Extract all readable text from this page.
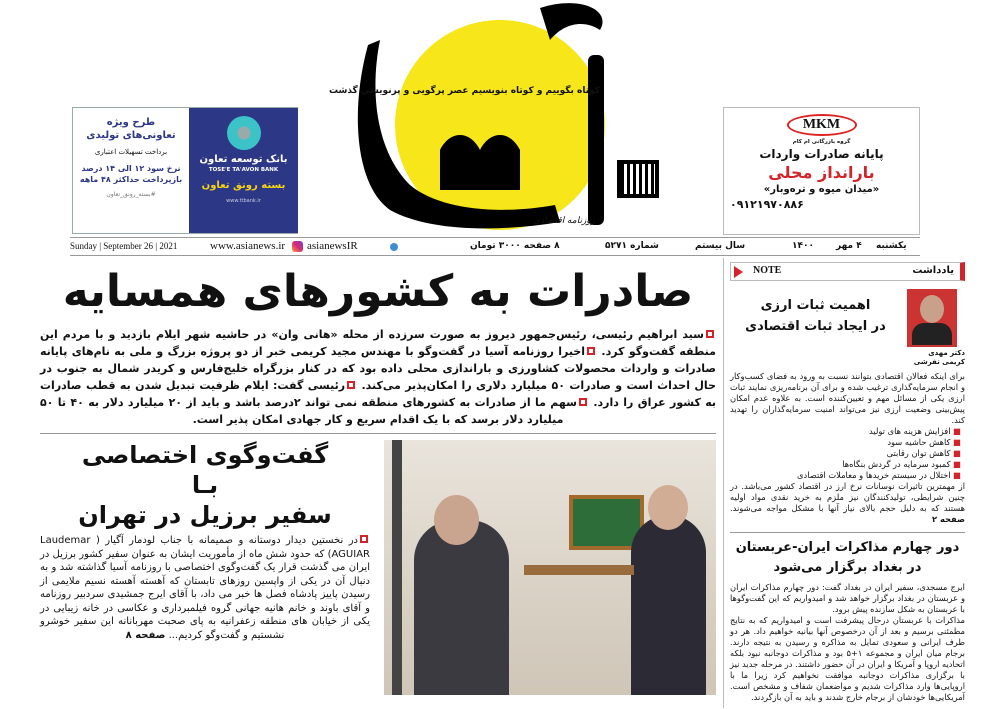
کوتاه بگوییم و کوتاه بنویسیم عصر پرگویی و پرنویسی گذشت
روزنامه اقتصادی
طرح ویژه
تعاونی‌های تولیدی
برداخت تسهیلات اعتباری
نرخ سود ۱۲ الی ۱۴ درصد
بازپرداخت حداکثر ۴۸ ماهه
#بسته_رونق_تعاون
بانک توسعه تعاون
TOSE'E TA'AVON BANK
بسته رونق تعاون
www.ttbank.ir
MKM
گروه بازرگانی ام کام
پایانه صادرات واردات
بارانداز محلی
«میدان میوه و تره‌وبار»
۰۹۱۲۱۹۷۰۸۸۶
Sunday | September 26 | 2021	www.asianews.ir asianewsIR	۸ صفحه ۳۰۰۰ تومان	شماره ۵۲۷۱	سال بیستم	۱۴۰۰ ۴ مهر یکشنبه
صادرات به کشورهای همسایه
سید ابراهیم رئیسی، رئیس‌جمهور دیروز به صورت سرزده از محله «هانی وان» در حاشیه شهر ایلام بازدید و با مردم این منطقه گفت‌وگو کرد. اخیرا روزنامه آسیا در گفت‌وگو با مهندس مجید کریمی خبر از دو پروژه بزرگ و ملی به نام‌های پایانه صادرات و واردات محصولات کشاورزی و باراندازی محلی داده بود که در کنار بزرگراه خلیج‌فارس و کریدر شمال به جنوب در حال احداث است و صادرات ۵۰ میلیارد دلاری را امکان‌پذیر می‌کند. رئیسی گفت: ایلام ظرفیت تبدیل شدن به قطب صادرات به کشور عراق را دارد. سهم ما از صادرات به کشورهای منطقه نمی تواند ۲درصد باشد و باید از ۲۰ میلیارد دلار به ۴۰ تا ۵۰ میلیارد دلار برسد که با یک اقدام سریع و کار جهادی امکان پذیر است.
گفت‌وگوی اختصاصی
بـا
سفیر برزیل در تهران
در نخستین دیدار دوستانه و صمیمانه با جناب لودمار آگیار ( Laudemar AGUIAR) که حدود شش ماه از مأموریت ایشان به عنوان سفیر کشور برزیل در ایران می گذشت قرار یک گفت‌وگوی اختصاصی با روزنامه آسیا گذاشته شد و به دنبال آن در یکی از واپسین روزهای تابستان که آهسته آهسته نسیم ملایمی از رسیدن پاییز پادشاه فصل ها خبر می داد، با آقای ایرج جمشیدی سردبیر روزنامه و آقای باوند و خانم هانیه جهانی گروه فیلمبرداری و عکاسی در خانه زیبایی در یکی از خیابان های منطقه زعفرانیه به پای صحبت مهربانانه این سفیر خوشرو نشستیم و گفت‌وگو کردیم... صفحه ۸
NOTE	یادداشت
دکتر مهدی کریمی تفرشی
اهمیت ثبات ارزی
در ایجاد ثبات اقتصادی
برای اینکه فعالان اقتصادی بتوانند نسبت به ورود به فضای کسب‌وکار و انجام سرمایه‌گذاری ترغیب شده و برای آن برنامه‌ریزی نمایند ثبات ارزی یکی از مسائل مهم و تعیین‌کننده است. به علاوه عدم امکان پیش‌بینی وضعیت ارزی نیز می‌تواند امنیت سرمایه‌گذاران را تهدید کند.
■ افزایش هزینه های تولید
■ کاهش حاشیه سود
■ کاهش توان رقابتی
■ کمبود سرمایه در گردش بنگاه‌ها
■ اختلال در سیستم خریدها و معاملات اقتصادی
از مهمترین تاثیرات نوسانات نرخ ارز در اقتصاد کشور می‌باشد. در چنین شرایطی، تولیدکنندگان نیز ملزم به خرید نقدی مواد اولیه هستند که به دلیل حجم بالای نیاز آنها با مشکل مواجه می‌شوند. صفحه ۲
دور چهارم مذاکرات ایران-عربستان
در بغداد برگزار می‌شود
ایرج مسجدی، سفیر ایران در بغداد گفت: دور چهارم مذاکرات ایران و عربستان در بغداد برگزار خواهد شد و امیدواریم که این گفت‌وگوها با عربستان به شکل سازنده پیش برود.
مذاکرات با عربستان درحال پیشرفت است و امیدواریم که به نتایج مطمئنی برسیم و بعد از آن درخصوص آنها بیانیه خواهیم داد. هر دو طرف ایرانی و سعودی تمایل به مذاکره و رسیدن به نتیجه دارند. برجام میان ایران و مجموعه ۱+۵ بود و مذاکرات دوجانبه نبود بلکه اتحادیه اروپا و آمریکا و ایران در آن حضور داشتند. در مرحله جدید نیز با برگزاری مذاکرات دوجانبه موافقت نخواهیم کرد زیرا ما با اروپایی‌ها وارد مذاکرات شدیم و مواضعمان شفاف و مشخص است. آمریکایی‌ها خودشان از برجام خارج شدند و باید به آن بازگردند.
